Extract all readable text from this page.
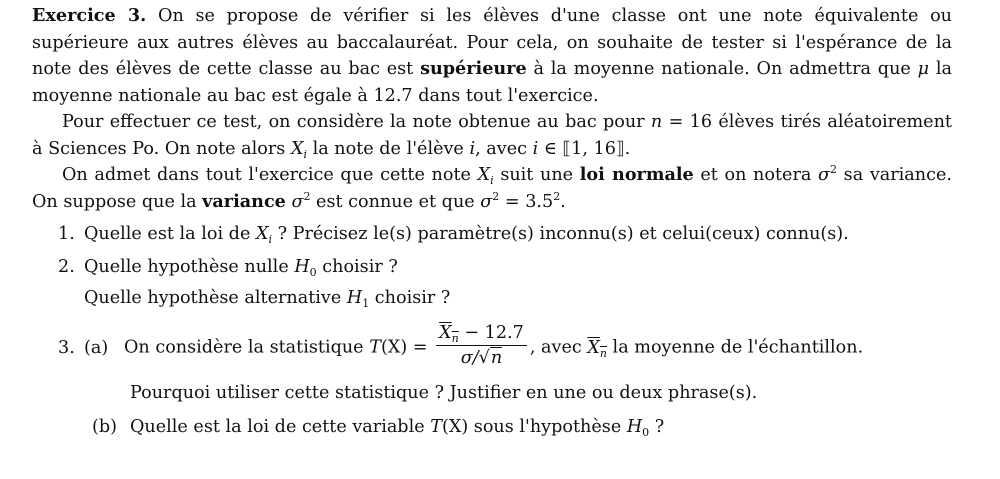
Exercice 3. On se propose de vérifier si les élèves d'une classe ont une note équivalente ou supérieure aux autres élèves au baccalauréat. Pour cela, on souhaite de tester si l'espérance de la note des élèves de cette classe au bac est supérieure à la moyenne nationale. On admettra que μ la moyenne nationale au bac est égale à 12.7 dans tout l'exercice.

Pour effectuer ce test, on considère la note obtenue au bac pour n = 16 élèves tirés aléatoirement à Sciences Po. On note alors $X_i$ la note de l'élève i, avec i ∈ ⟦1, 16⟧.

On admet dans tout l'exercice que cette note $X_i$ suit une loi normale et on notera $\sigma^2$ sa variance. On suppose que la variance $\sigma^2$ est connue et que $\sigma^2 = 3.5^2$.

1. Quelle est la loi de $X_i$ ? Précisez le(s) paramètre(s) inconnu(s) et celui(ceux) connu(s).
2. Quelle hypothèse nulle $H_0$ choisir ?
Quelle hypothèse alternative $H_1$ choisir ?
3. (a) On considère la statistique $T(X) = \frac{X_n - 12.7}{\sigma/√n}$ , avec $X_n$ la moyenne de l'échantillon.
Pourquoi utiliser cette statistique ? Justifier en une ou deux phrase(s).
(b) Quelle est la loi de cette variable T(X) sous l'hypothèse $H_0$ ?
